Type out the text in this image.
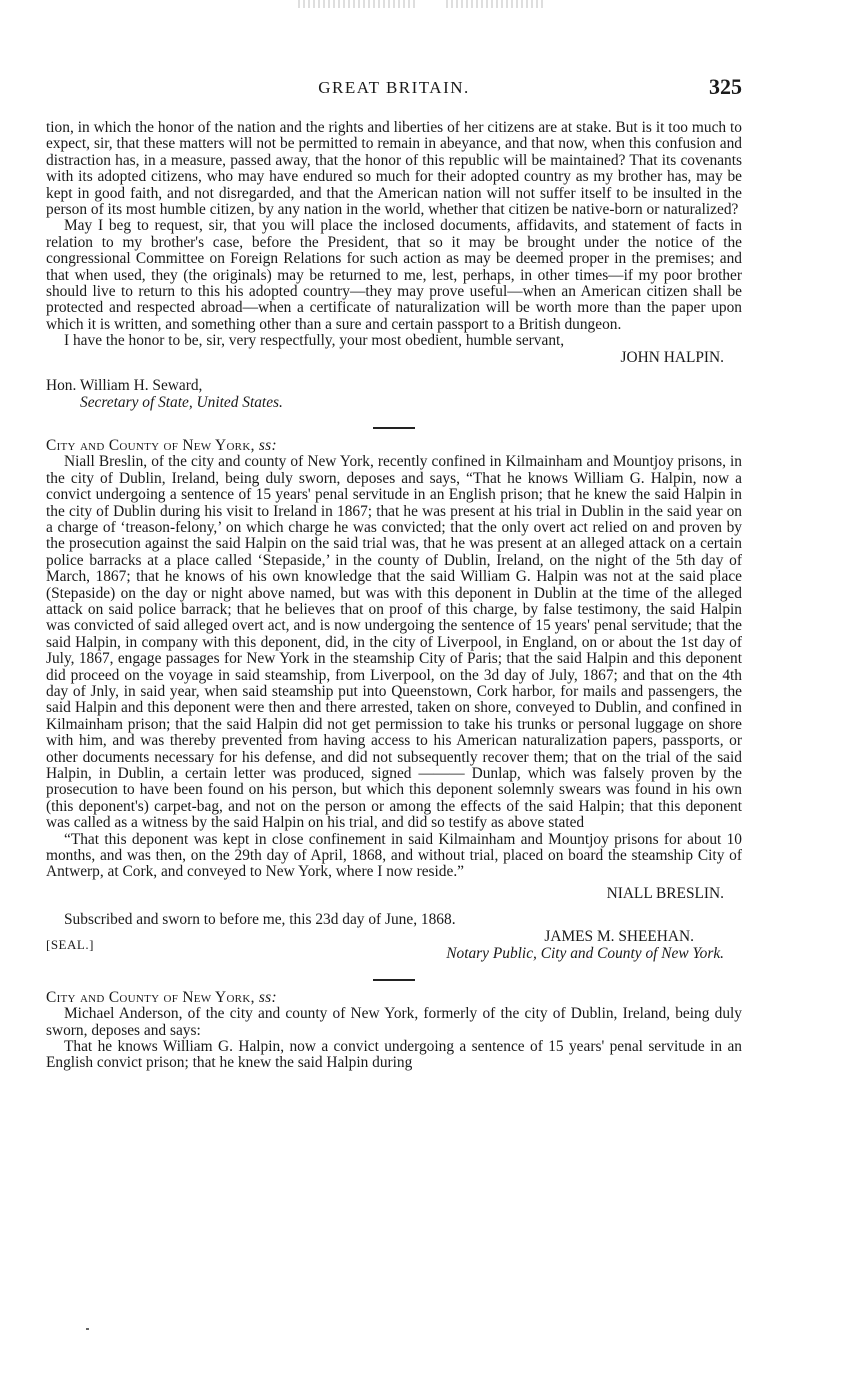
GREAT BRITAIN.	325

tion, in which the honor of the nation and the rights and liberties of her citizens are at stake. But is it too much to expect, sir, that these matters will not be permitted to remain in abeyance, and that now, when this confusion and distraction has, in a measure, passed away, that the honor of this republic will be maintained? That its covenants with its adopted citizens, who may have endured so much for their adopted country as my brother has, may be kept in good faith, and not disregarded, and that the American nation will not suffer itself to be insulted in the person of its most humble citizen, by any nation in the world, whether that citizen be native-born or naturalized?

May I beg to request, sir, that you will place the inclosed documents, affidavits, and statement of facts in relation to my brother's case, before the President, that so it may be brought under the notice of the congressional Committee on Foreign Relations for such action as may be deemed proper in the premises; and that when used, they (the originals) may be returned to me, lest, perhaps, in other times—if my poor brother should live to return to this his adopted country—they may prove useful—when an American citizen shall be protected and respected abroad—when a certificate of naturalization will be worth more than the paper upon which it is written, and something other than a sure and certain passport to a British dungeon.

I have the honor to be, sir, very respectfully, your most obedient, humble servant,

JOHN HALPIN.

Hon. William H. Seward,

Secretary of State, United States.

City and County of New York, ss:

Niall Breslin, of the city and county of New York, recently confined in Kilmainham and Mountjoy prisons, in the city of Dublin, Ireland, being duly sworn, deposes and says, “That he knows William G. Halpin, now a convict undergoing a sentence of 15 years' penal servitude in an English prison; that he knew the said Halpin in the city of Dublin during his visit to Ireland in 1867; that he was present at his trial in Dublin in the said year on a charge of ‘treason-felony,’ on which charge he was convicted; that the only overt act relied on and proven by the prosecution against the said Halpin on the said trial was, that he was present at an alleged attack on a certain police barracks at a place called ‘Stepaside,’ in the county of Dublin, Ireland, on the night of the 5th day of March, 1867; that he knows of his own knowledge that the said William G. Halpin was not at the said place (Stepaside) on the day or night above named, but was with this deponent in Dublin at the time of the alleged attack on said police barrack; that he believes that on proof of this charge, by false testimony, the said Halpin was convicted of said alleged overt act, and is now undergoing the sentence of 15 years' penal servitude; that the said Halpin, in company with this deponent, did, in the city of Liverpool, in England, on or about the 1st day of July, 1867, engage passages for New York in the steamship City of Paris; that the said Halpin and this deponent did proceed on the voyage in said steamship, from Liverpool, on the 3d day of July, 1867; and that on the 4th day of Jnly, in said year, when said steamship put into Queenstown, Cork harbor, for mails and passengers, the said Halpin and this deponent were then and there arrested, taken on shore, conveyed to Dublin, and confined in Kilmainham prison; that the said Halpin did not get permission to take his trunks or personal luggage on shore with him, and was thereby prevented from having access to his American naturalization papers, passports, or other documents necessary for his defense, and did not subsequently recover them; that on the trial of the said Halpin, in Dublin, a certain letter was produced, signed ——— Dunlap, which was falsely proven by the prosecution to have been found on his person, but which this deponent solemnly swears was found in his own (this deponent's) carpet-bag, and not on the person or among the effects of the said Halpin; that this deponent was called as a witness by the said Halpin on his trial, and did so testify as above stated

“That this deponent was kept in close confinement in said Kilmainham and Mountjoy prisons for about 10 months, and was then, on the 29th day of April, 1868, and without trial, placed on board the steamship City of Antwerp, at Cork, and conveyed to New York, where I now reside.”

NIALL BRESLIN.

Subscribed and sworn to before me, this 23d day of June, 1868.

[SEAL.]	JAMES M. SHEEHAN.
Notary Public, City and County of New York.

City and County of New York, ss:

Michael Anderson, of the city and county of New York, formerly of the city of Dublin, Ireland, being duly sworn, deposes and says:

That he knows William G. Halpin, now a convict undergoing a sentence of 15 years' penal servitude in an English convict prison; that he knew the said Halpin during
